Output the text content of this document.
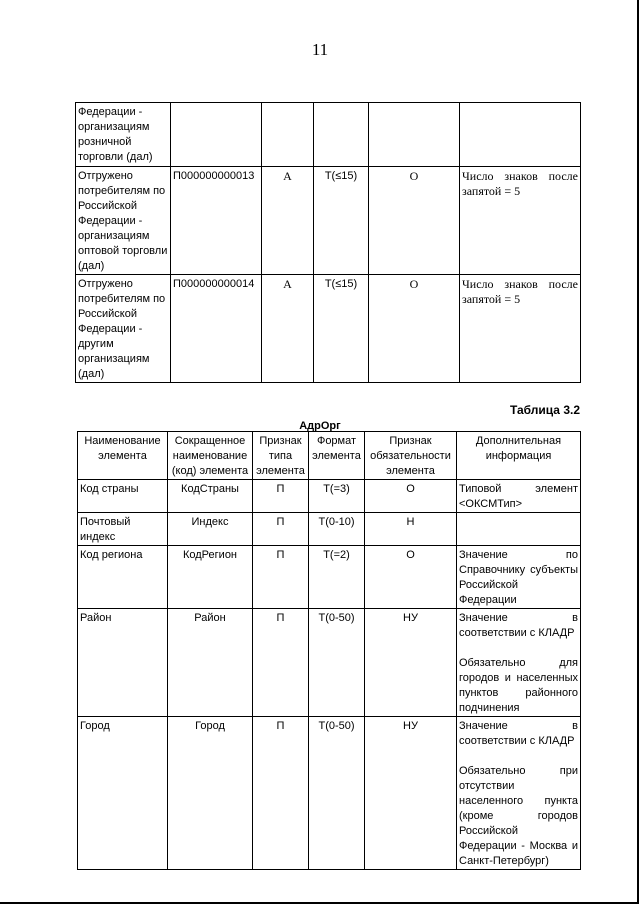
11
Федерации - организациям розничной торговли (дал)					
Отгружено потребителям по Российской Федерации - организациям оптовой торговли (дал)	П000000000013	А	Т(≤15)	О	Число знаков после запятой = 5
Отгружено потребителям по Российской Федерации - другим организациям (дал)	П000000000014	А	Т(≤15)	О	Число знаков после запятой = 5
Таблица 3.2
АдрОрг
Наименование элемента	Сокращенное наименование (код) элемента	Признак типа элемента	Формат элемента	Признак обязательности элемента	Дополнительная информация
Код страны	КодСтраны	П	Т(=3)	О	Типовой элемент <ОКСМТип>
Почтовый индекс	Индекс	П	Т(0-10)	Н	
Код региона	КодРегион	П	Т(=2)	О	Значение по Справочнику субъекты Российской Федерации
Район	Район	П	Т(0-50)	НУ	Значение в соответствии с КЛАДР
Обязательно для городов и населенных пунктов районного подчинения

Город	Город	П	Т(0-50)	НУ	Значение в соответствии с КЛАДР
Обязательно при отсутствии населенного пункта (кроме городов Российской Федерации - Москва и Санкт-Петербург)
